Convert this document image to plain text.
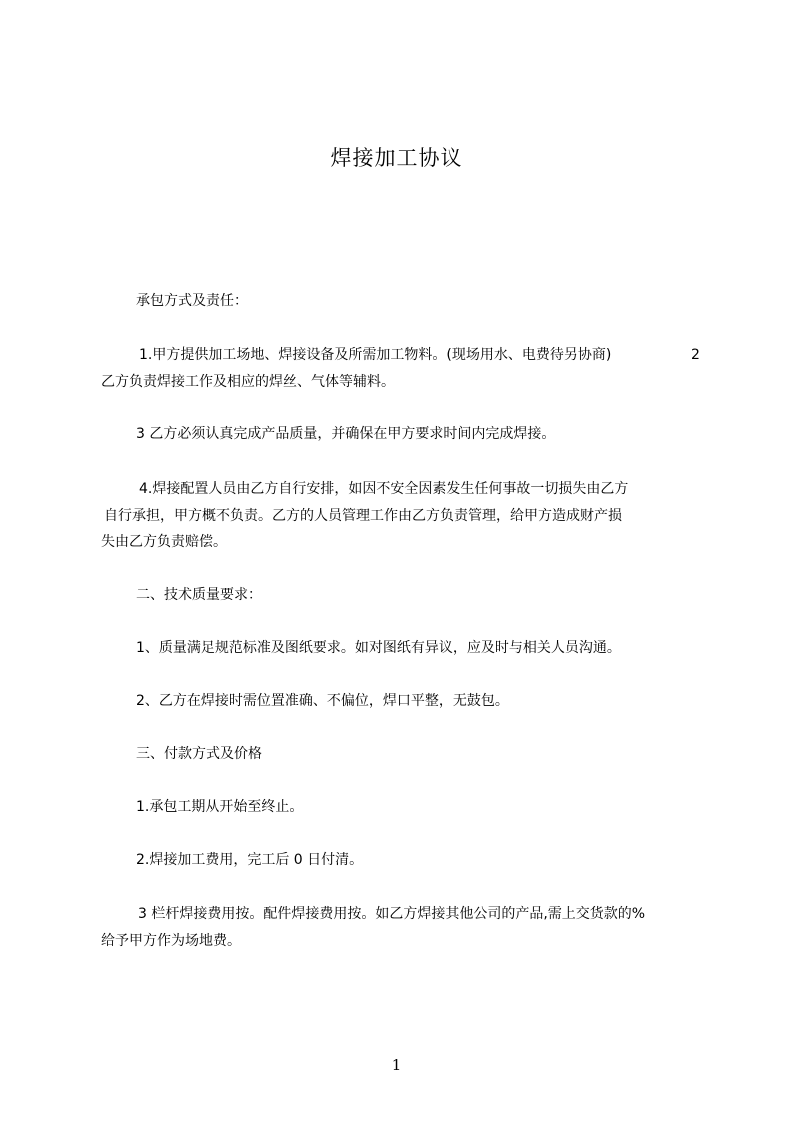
焊接加工协议
承包方式及责任：
1.甲方提供加工场地、焊接设备及所需加工物料。(现场用水、电费待另协商)	2
乙方负责焊接工作及相应的焊丝、气体等辅料。
3 乙方必须认真完成产品质量，并确保在甲方要求时间内完成焊接。
4.焊接配置人员由乙方自行安排，如因不安全因素发生任何事故一切损失由乙方
自行承担，甲方概不负责。乙方的人员管理工作由乙方负责管理，给甲方造成财产损
失由乙方负责赔偿。
二、技术质量要求：
1、质量满足规范标准及图纸要求。如对图纸有异议，应及时与相关人员沟通。
2、乙方在焊接时需位置准确、不偏位，焊口平整，无鼓包。
三、付款方式及价格
1.承包工期从开始至终止。
2.焊接加工费用，完工后 0 日付清。
3 栏杆焊接费用按。配件焊接费用按。如乙方焊接其他公司的产品,需上交货款的%
给予甲方作为场地费。
1
